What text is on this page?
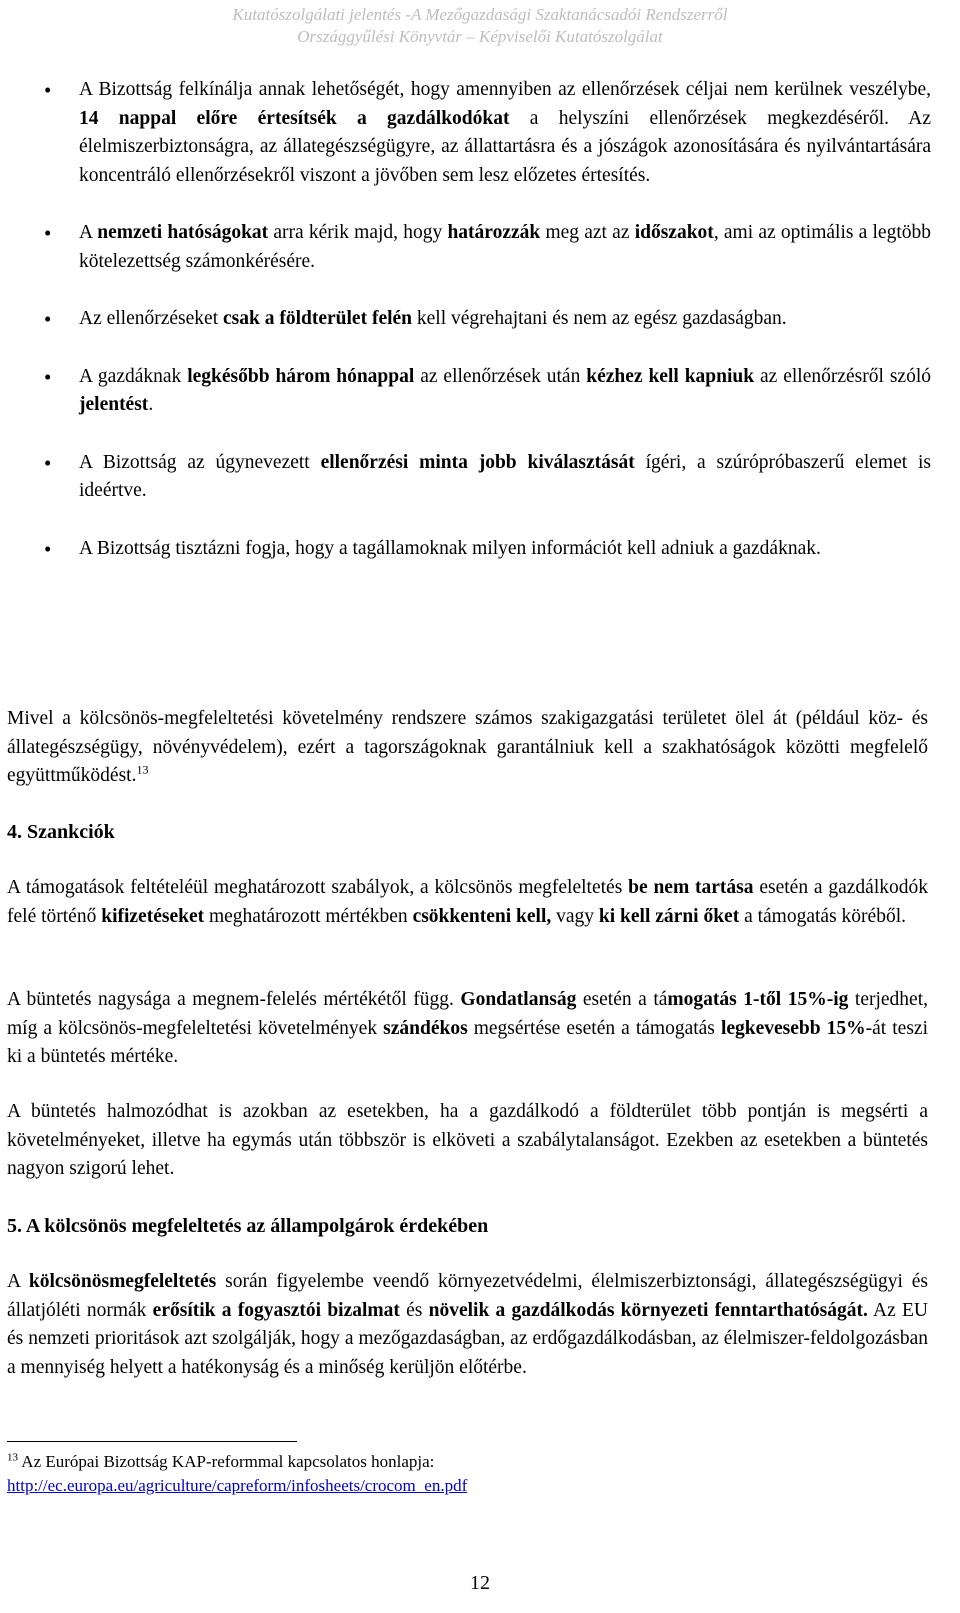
Kutatószolgálati jelentés -A Mezőgazdasági Szaktanácsadói Rendszerről
Országgyűlési Könyvtár – Képviselői Kutatószolgálat
• A Bizottság felkínálja annak lehetőségét, hogy amennyiben az ellenőrzések céljai nem kerülnek veszélybe, 14 nappal előre értesítsék a gazdálkodókat a helyszíni ellenőrzések megkezdéséről. Az élelmiszerbiztonságra, az állategészségügyre, az állattartásra és a jószágok azonosítására és nyilvántartására koncentráló ellenőrzésekről viszont a jövőben sem lesz előzetes értesítés.

• A nemzeti hatóságokat arra kérik majd, hogy határozzák meg azt az időszakot, ami az optimális a legtöbb kötelezettség számonkérésére.

• Az ellenőrzéseket csak a földterület felén kell végrehajtani és nem az egész gazdaságban.

• A gazdáknak legkésőbb három hónappal az ellenőrzések után kézhez kell kapniuk az ellenőrzésről szóló jelentést.

• A Bizottság az úgynevezett ellenőrzési minta jobb kiválasztását ígéri, a szúrópróbaszerű elemet is ideértve.

• A Bizottság tisztázni fogja, hogy a tagállamoknak milyen információt kell adniuk a gazdáknak.

Mivel a kölcsönös-megfeleltetési követelmény rendszere számos szakigazgatási területet ölel át (például köz- és állategészségügy, növényvédelem), ezért a tagországoknak garantálniuk kell a szakhatóságok közötti megfelelő együttműködést.$^{13}$

4. Szankciók

A támogatások feltételéül meghatározott szabályok, a kölcsönös megfeleltetés be nem tartása esetén a gazdálkodók felé történő kifizetéseket meghatározott mértékben csökkenteni kell, vagy ki kell zárni őket a támogatás köréből.

A büntetés nagysága a megnem-felelés mértékétől függ. Gondatlanság esetén a támogatás 1-től 15%-ig terjedhet, míg a kölcsönös-megfeleltetési követelmények szándékos megsértése esetén a támogatás legkevesebb 15%-át teszi ki a büntetés mértéke.

A büntetés halmozódhat is azokban az esetekben, ha a gazdálkodó a földterület több pontján is megsérti a követelményeket, illetve ha egymás után többször is elköveti a szabálytalanságot. Ezekben az esetekben a büntetés nagyon szigorú lehet.

5. A kölcsönös megfeleltetés az állampolgárok érdekében

A kölcsönösmegfeleltetés során figyelembe veendő környezetvédelmi, élelmiszerbiztonsági, állategészségügyi és állatjóléti normák erősítik a fogyasztói bizalmat és növelik a gazdálkodás környezeti fenntarthatóságát. Az EU és nemzeti prioritások azt szolgálják, hogy a mezőgazdaságban, az erdőgazdálkodásban, az élelmiszer-feldolgozásban a mennyiség helyett a hatékonyság és a minőség kerüljön előtérbe.

$^{13}$ Az Európai Bizottság KAP-reformmal kapcsolatos honlapja:
http://ec.europa.eu/agriculture/capreform/infosheets/crocom_en.pdf
12
